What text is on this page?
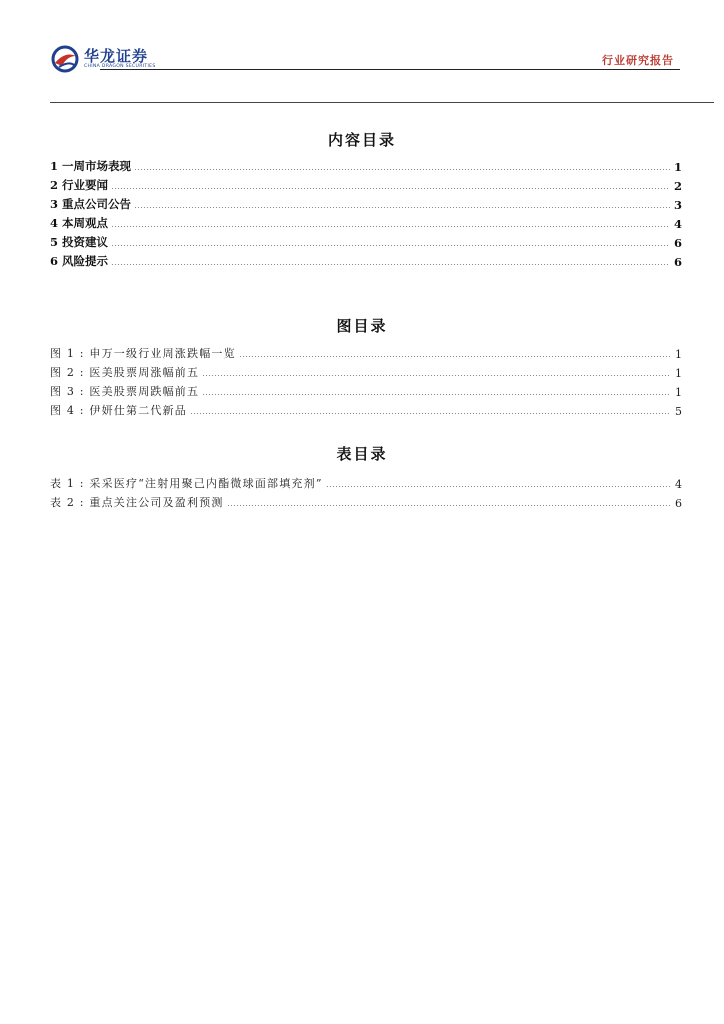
华龙证券
CHINA DRAGON SECURITIES	行业研究报告
内容目录
1 一周市场表现	1
2 行业要闻	2
3 重点公司公告	3
4 本周观点	4
5 投资建议	6
6 风险提示	6
图目录
图 1 : 申万一级行业周涨跌幅一览	1
图 2 : 医美股票周涨幅前五	1
图 3 : 医美股票周跌幅前五	1
图 4 : 伊妍仕第二代新品	5
表目录
表 1 : 采采医疗“注射用聚己内酯微球面部填充剂”	4
表 2 : 重点关注公司及盈利预测	6
